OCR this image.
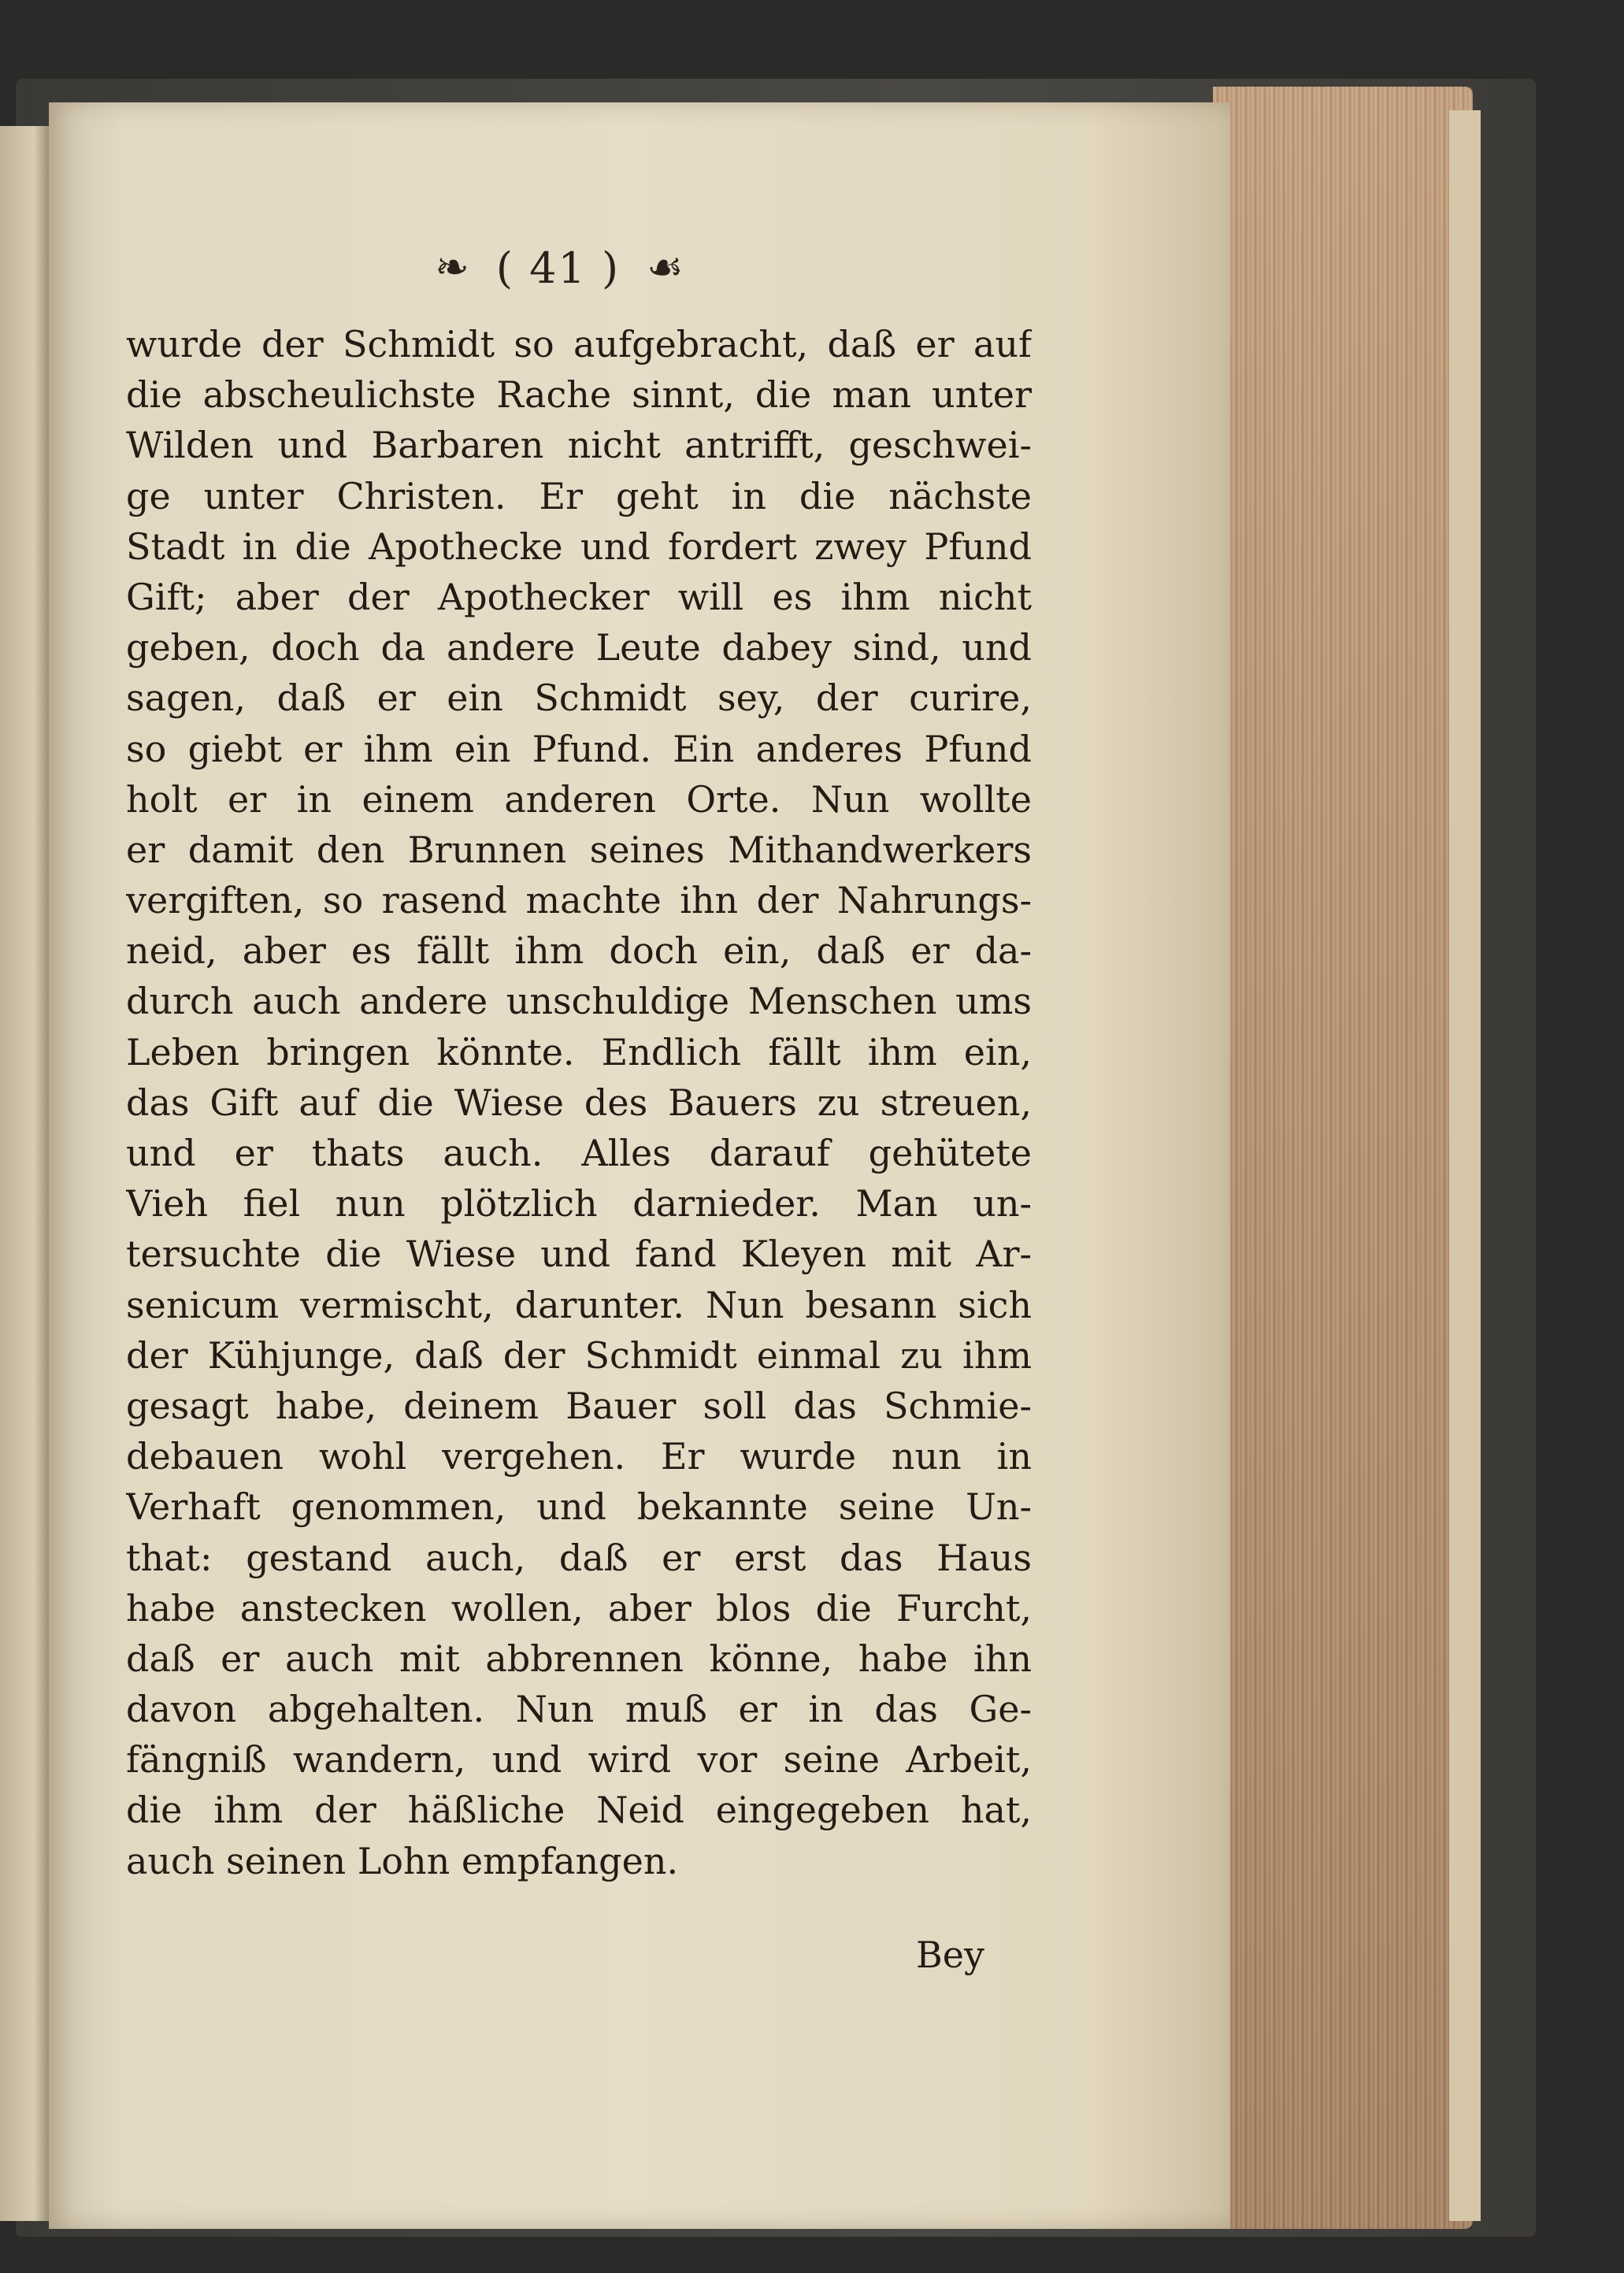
❧ ( 41 ) ☙
wurde der Schmidt so aufgebracht, daß er auf
die abscheulichste Rache sinnt, die man unter
Wilden und Barbaren nicht antrifft, geschwei-
ge unter Christen. Er geht in die nächste
Stadt in die Apothecke und fordert zwey Pfund
Gift; aber der Apothecker will es ihm nicht
geben, doch da andere Leute dabey sind, und
sagen, daß er ein Schmidt sey, der curire,
so giebt er ihm ein Pfund. Ein anderes Pfund
holt er in einem anderen Orte. Nun wollte
er damit den Brunnen seines Mithandwerkers
vergiften, so rasend machte ihn der Nahrungs-
neid, aber es fällt ihm doch ein, daß er da-
durch auch andere unschuldige Menschen ums
Leben bringen könnte. Endlich fällt ihm ein,
das Gift auf die Wiese des Bauers zu streuen,
und er thats auch. Alles darauf gehütete
Vieh fiel nun plötzlich darnieder. Man un-
tersuchte die Wiese und fand Kleyen mit Ar-
senicum vermischt, darunter. Nun besann sich
der Kühjunge, daß der Schmidt einmal zu ihm
gesagt habe, deinem Bauer soll das Schmie-
debauen wohl vergehen. Er wurde nun in
Verhaft genommen, und bekannte seine Un-
that: gestand auch, daß er erst das Haus
habe anstecken wollen, aber blos die Furcht,
daß er auch mit abbrennen könne, habe ihn
davon abgehalten. Nun muß er in das Ge-
fängniß wandern, und wird vor seine Arbeit,
die ihm der häßliche Neid eingegeben hat,
auch seinen Lohn empfangen.
Bey
